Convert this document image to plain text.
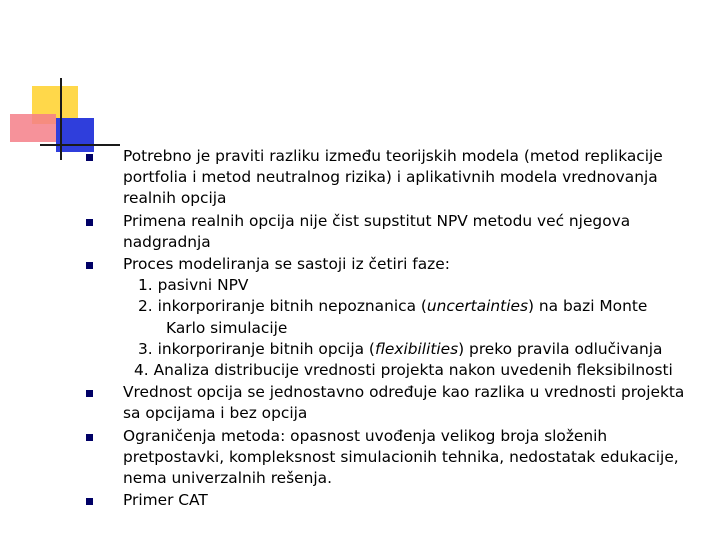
Potrebno je praviti razliku između teorijskih modela (metod replikacije portfolia i metod neutralnog rizika) i aplikativnih modela vrednovanja realnih opcija
Primena realnih opcija nije čist supstitut NPV metodu već njegova nadgradnja
Proces modeliranja se sastoji iz četiri faze:
1. pasivni NPV
2. inkorporiranje bitnih nepoznanica (uncertainties) na bazi Monte
Karlo simulacije
3. inkorporiranje bitnih opcija (flexibilities) preko pravila odlučivanja
4. Analiza distribucije vrednosti projekta nakon uvedenih fleksibilnosti
Vrednost opcija se jednostavno određuje kao razlika u vrednosti projekta sa opcijama i bez opcija
Ograničenja metoda: opasnost uvođenja velikog broja složenih pretpostavki, kompleksnost simulacionih tehnika, nedostatak edukacije, nema univerzalnih rešenja.
Primer CAT
